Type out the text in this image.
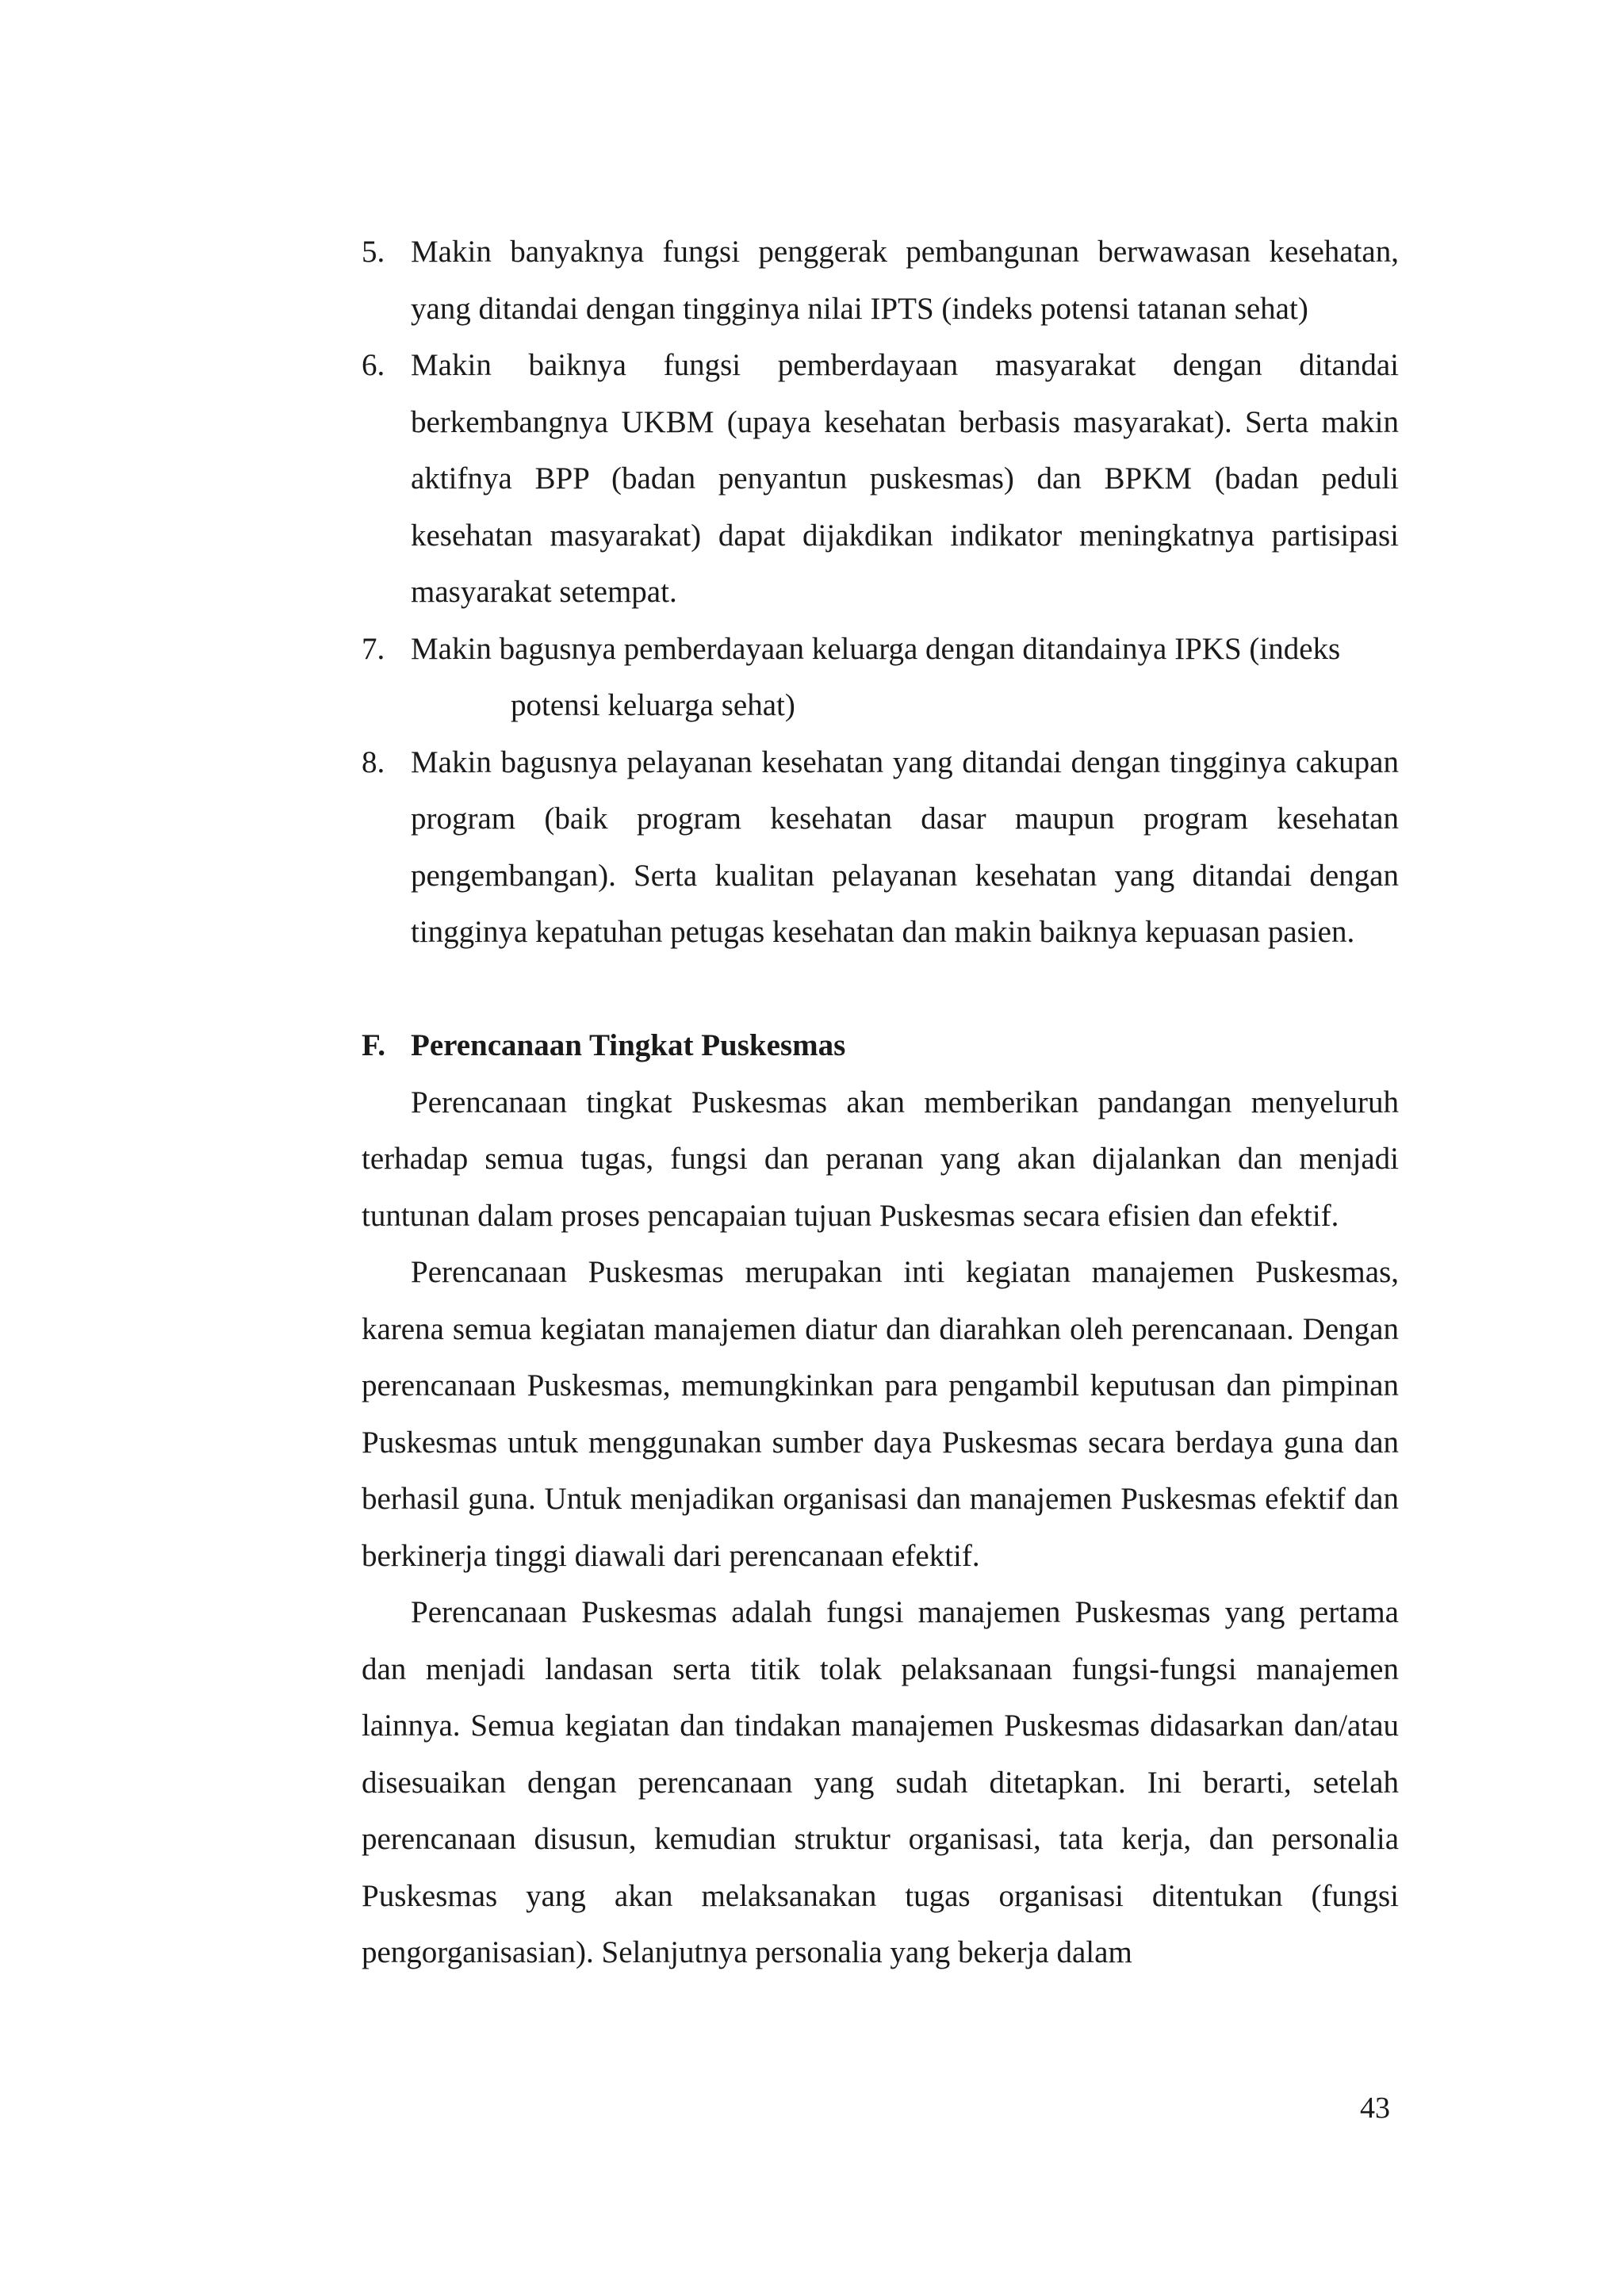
5. Makin banyaknya fungsi penggerak pembangunan berwawasan kesehatan, yang ditandai dengan tingginya nilai IPTS (indeks potensi tatanan sehat)
6. Makin baiknya fungsi pemberdayaan masyarakat dengan ditandai berkembangnya UKBM (upaya kesehatan berbasis masyarakat). Serta makin aktifnya BPP (badan penyantun puskesmas) dan BPKM (badan peduli kesehatan masyarakat) dapat dijakdikan indikator meningkatnya partisipasi masyarakat setempat.
7. Makin bagusnya pemberdayaan keluarga dengan ditandainya IPKS (indeks
potensi keluarga sehat)
8. Makin bagusnya pelayanan kesehatan yang ditandai dengan tingginya cakupan program (baik program kesehatan dasar maupun program kesehatan pengembangan). Serta kualitan pelayanan kesehatan yang ditandai dengan tingginya kepatuhan petugas kesehatan dan makin baiknya kepuasan pasien.
F. Perencanaan Tingkat Puskesmas

Perencanaan tingkat Puskesmas akan memberikan pandangan menyeluruh terhadap semua tugas, fungsi dan peranan yang akan dijalankan dan menjadi tuntunan dalam proses pencapaian tujuan Puskesmas secara efisien dan efektif.

Perencanaan Puskesmas merupakan inti kegiatan manajemen Puskesmas, karena semua kegiatan manajemen diatur dan diarahkan oleh perencanaan. Dengan perencanaan Puskesmas, memungkinkan para pengambil keputusan dan pimpinan Puskesmas untuk menggunakan sumber daya Puskesmas secara berdaya guna dan berhasil guna. Untuk menjadikan organisasi dan manajemen Puskesmas efektif dan berkinerja tinggi diawali dari perencanaan efektif.

Perencanaan Puskesmas adalah fungsi manajemen Puskesmas yang pertama dan menjadi landasan serta titik tolak pelaksanaan fungsi-fungsi manajemen lainnya. Semua kegiatan dan tindakan manajemen Puskesmas didasarkan dan/atau disesuaikan dengan perencanaan yang sudah ditetapkan. Ini berarti, setelah perencanaan disusun, kemudian struktur organisasi, tata kerja, dan personalia Puskesmas yang akan melaksanakan tugas organisasi ditentukan (fungsi pengorganisasian). Selanjutnya personalia yang bekerja dalam

43
